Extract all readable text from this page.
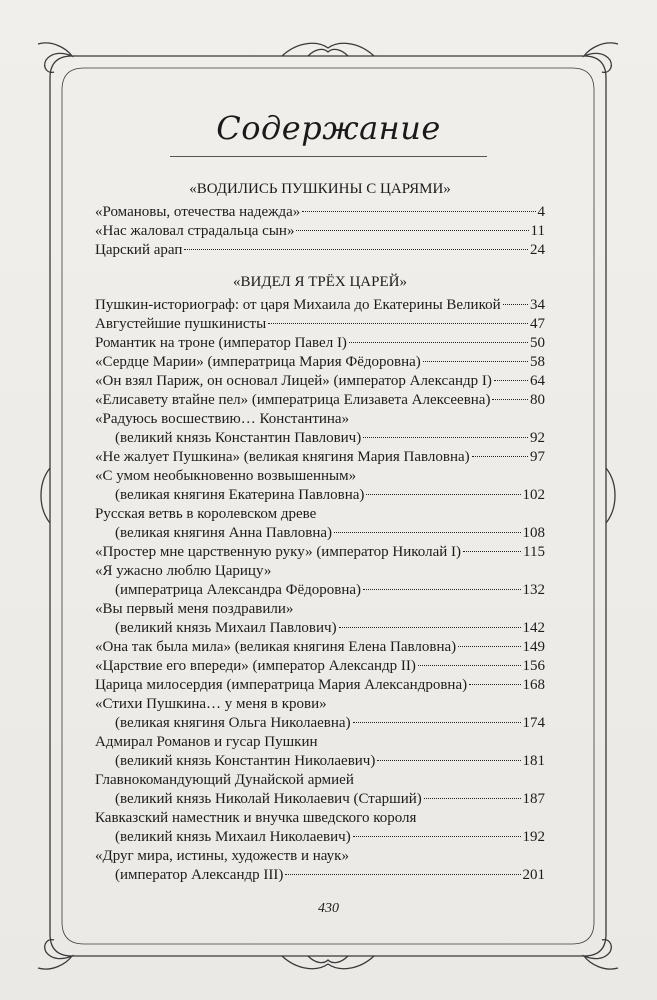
Содержание
«ВОДИЛИСЬ ПУШКИНЫ С ЦАРЯМИ»
«Романовы, отечества надежда»	4
«Нас жаловал страдальца сын»	11
Царский арап	24
«ВИДЕЛ Я ТРЁХ ЦАРЕЙ»
Пушкин-историограф: от царя Михаила до Екатерины Великой 34
Августейшие пушкинисты	47
Романтик на троне (император Павел I)	50
«Сердце Марии» (императрица Мария Фёдоровна)	58
«Он взял Париж, он основал Лицей» (император Александр I)	64
«Елисавету втайне пел» (императрица Елизавета Алексеевна)	80
«Радуюсь восшествию… Константина»
(великий князь Константин Павлович)	92
«Не жалует Пушкина» (великая княгиня Мария Павловна)	97
«С умом необыкновенно возвышенным»
(великая княгиня Екатерина Павловна)	102
Русская ветвь в королевском древе
(великая княгиня Анна Павловна)	108
«Простер мне царственную руку» (император Николай I)	115
«Я ужасно люблю Царицу»
(императрица Александра Фёдоровна)	132
«Вы первый меня поздравили»
(великий князь Михаил Павлович)	142
«Она так была мила» (великая княгиня Елена Павловна)	149
«Царствие его впереди» (император Александр II)	156
Царица милосердия (императрица Мария Александровна)	168
«Стихи Пушкина… у меня в крови»
(великая княгиня Ольга Николаевна)	174
Адмирал Романов и гусар Пушкин
(великий князь Константин Николаевич)	181
Главнокомандующий Дунайской армией
(великий князь Николай Николаевич (Старший)	187
Кавказский наместник и внучка шведского короля
(великий князь Михаил Николаевич)	192
«Друг мира, истины, художеств и наук»
(император Александр III)	201
430
